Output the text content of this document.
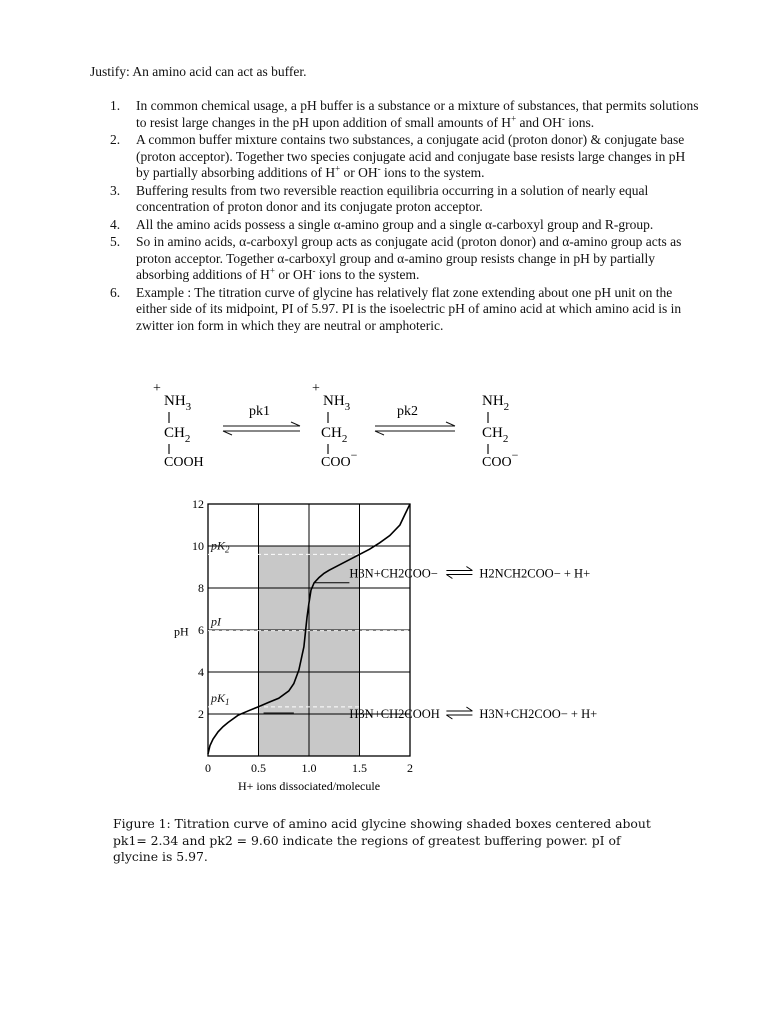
Justify: An amino acid can act as buffer.
1. In common chemical usage, a pH buffer is a substance or a mixture of substances, that permits solutions to resist large changes in the pH upon addition of small amounts of H+ and OH- ions.
2. A common buffer mixture contains two substances, a conjugate acid (proton donor) & conjugate base (proton acceptor). Together two species conjugate acid and conjugate base resists large changes in pH by partially absorbing additions of H+ or OH- ions to the system.
3. Buffering results from two reversible reaction equilibria occurring in a solution of nearly equal concentration of proton donor and its conjugate proton acceptor.
4. All the amino acids possess a single α-amino group and a single α-carboxyl group and R-group.
5. So in amino acids, α-carboxyl group acts as conjugate acid (proton donor) and α-amino group acts as proton acceptor. Together α-carboxyl group and α-amino group resists change in pH by partially absorbing additions of H+ or OH- ions to the system.
6. Example : The titration curve of glycine has relatively flat zone extending about one pH unit on the either side of its midpoint, PI of 5.97. PI is the isoelectric pH of amino acid at which amino acid is in zwitter ion form in which they are neutral or amphoteric.
+
$NH_3$
$CH_2$
COOH
pk1
+
$NH_3$
$CH_2$
COO−
pk2
$NH_2$
$CH_2$
COO−
$pK_2$
pI
$pK_1$
0	0.5	1.0	1.5	2
2
4
6
8
10
12
pH
H+ ions dissociated/molecule
H3N+CH2COO−	H2NCH2COO− + H+
H3N+CH2COOH	H3N+CH2COO− + H+
Figure 1: Titration curve of amino acid glycine showing shaded boxes centered about pk1= 2.34 and pk2 = 9.60 indicate the regions of greatest buffering power. pI of glycine is 5.97.
